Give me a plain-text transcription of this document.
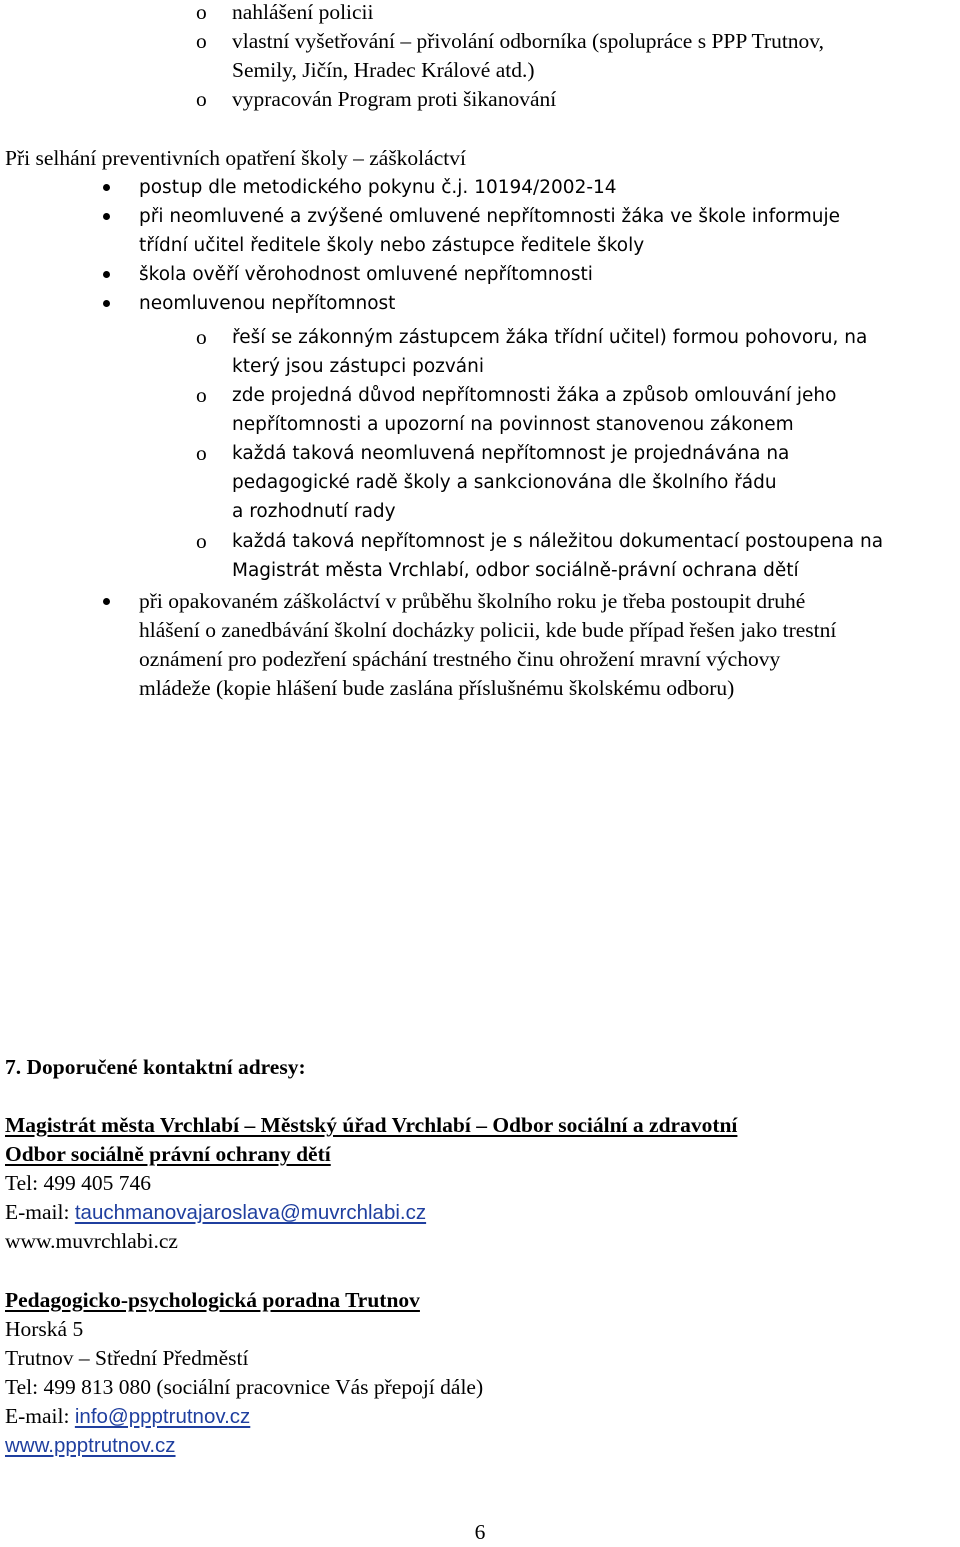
o nahlášení policii
o vlastní vyšetřování – přivolání odborníka (spolupráce s PPP Trutnov,
Semily, Jičín, Hradec Králové atd.)
o vypracován Program proti šikanování
Při selhání preventivních opatření školy – záškoláctví
postup dle metodického pokynu č.j. 10194/2002-14
při neomluvené a zvýšené omluvené nepřítomnosti žáka ve škole informuje
třídní učitel ředitele školy nebo zástupce ředitele školy
škola ověří věrohodnost omluvené nepřítomnosti
neomluvenou nepřítomnost
o řeší se zákonným zástupcem žáka třídní učitel) formou pohovoru, na
který jsou zástupci pozváni
o zde projedná důvod nepřítomnosti žáka a způsob omlouvání jeho
nepřítomnosti a upozorní na povinnost stanovenou zákonem
o každá taková neomluvená nepřítomnost je projednávána na
pedagogické radě školy a sankcionována dle školního řádu
a rozhodnutí rady
o každá taková nepřítomnost je s náležitou dokumentací postoupena na
Magistrát města Vrchlabí, odbor sociálně-právní ochrana dětí
při opakovaném záškoláctví v průběhu školního roku je třeba postoupit druhé
hlášení o zanedbávání školní docházky policii, kde bude případ řešen jako trestní
oznámení pro podezření spáchání trestného činu ohrožení mravní výchovy
mládeže (kopie hlášení bude zaslána příslušnému školskému odboru)
7. Doporučené kontaktní adresy:
Magistrát města Vrchlabí – Městský úřad Vrchlabí – Odbor sociální a zdravotní
Odbor sociálně právní ochrany dětí
Tel: 499 405 746
E-mail: tauchmanovajaroslava@muvrchlabi.cz
www.muvrchlabi.cz
Pedagogicko-psychologická poradna Trutnov
Horská 5
Trutnov – Střední Předměstí
Tel: 499 813 080 (sociální pracovnice Vás přepojí dále)
E-mail: info@ppptrutnov.cz
www.ppptrutnov.cz
6
